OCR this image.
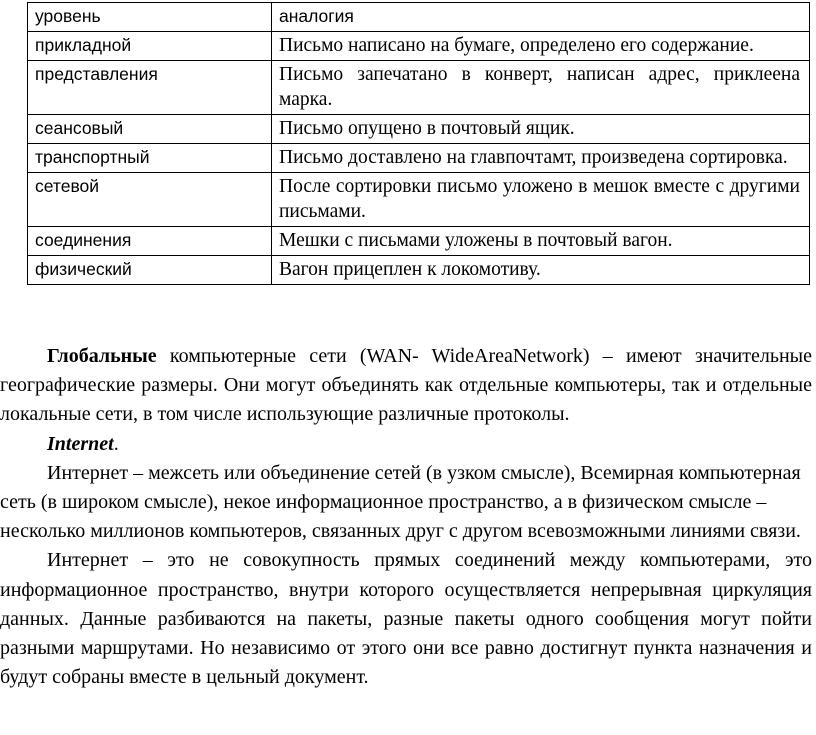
уровень	аналогия
прикладной	Письмо написано на бумаге, определено его содержание.
представления	Письмо запечатано в конверт, написан адрес, приклеена марка.
сеансовый	Письмо опущено в почтовый ящик.
транспортный	Письмо доставлено на главпочтамт, произведена сортировка.
сетевой	После сортировки письмо уложено в мешок вместе с другими письмами.
соединения	Мешки с письмами уложены в почтовый вагон.
физический	Вагон прицеплен к локомотиву.

Глобальные компьютерные сети (WAN- WideAreaNetwork) – имеют значительные географические размеры. Они могут объединять как отдельные компьютеры, так и отдельные локальные сети, в том числе использующие различные протоколы.

Internet.

Интернет – межсеть или объединение сетей (в узком смысле), Всемирная компьютерная сеть (в широком смысле), некое информационное пространство, а в физическом смысле – несколько миллионов компьютеров, связанных друг с другом всевозможными линиями связи.

Интернет – это не совокупность прямых соединений между компьютерами, это информационное пространство, внутри которого осуществляется непрерывная циркуляция данных. Данные разбиваются на пакеты, разные пакеты одного сообщения могут пойти разными маршрутами. Но независимо от этого они все равно достигнут пункта назначения и будут собраны вместе в цельный документ.
